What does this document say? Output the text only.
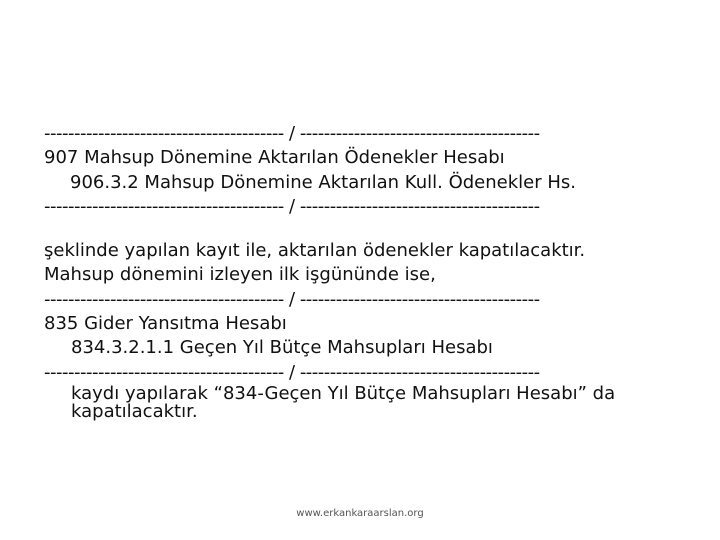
---------------------------------------- / ----------------------------------------
907 Mahsup Dönemine Aktarılan Ödenekler Hesabı
906.3.2 Mahsup Dönemine Aktarılan Kull. Ödenekler Hs.
---------------------------------------- / ----------------------------------------
şeklinde yapılan kayıt ile, aktarılan ödenekler kapatılacaktır.
Mahsup dönemini izleyen ilk işgününde ise,
---------------------------------------- / ----------------------------------------
835 Gider Yansıtma Hesabı
834.3.2.1.1 Geçen Yıl Bütçe Mahsupları Hesabı
---------------------------------------- / ----------------------------------------
kaydı yapılarak “834-Geçen Yıl Bütçe Mahsupları Hesabı” da kapatılacaktır.
www.erkankaraarslan.org
